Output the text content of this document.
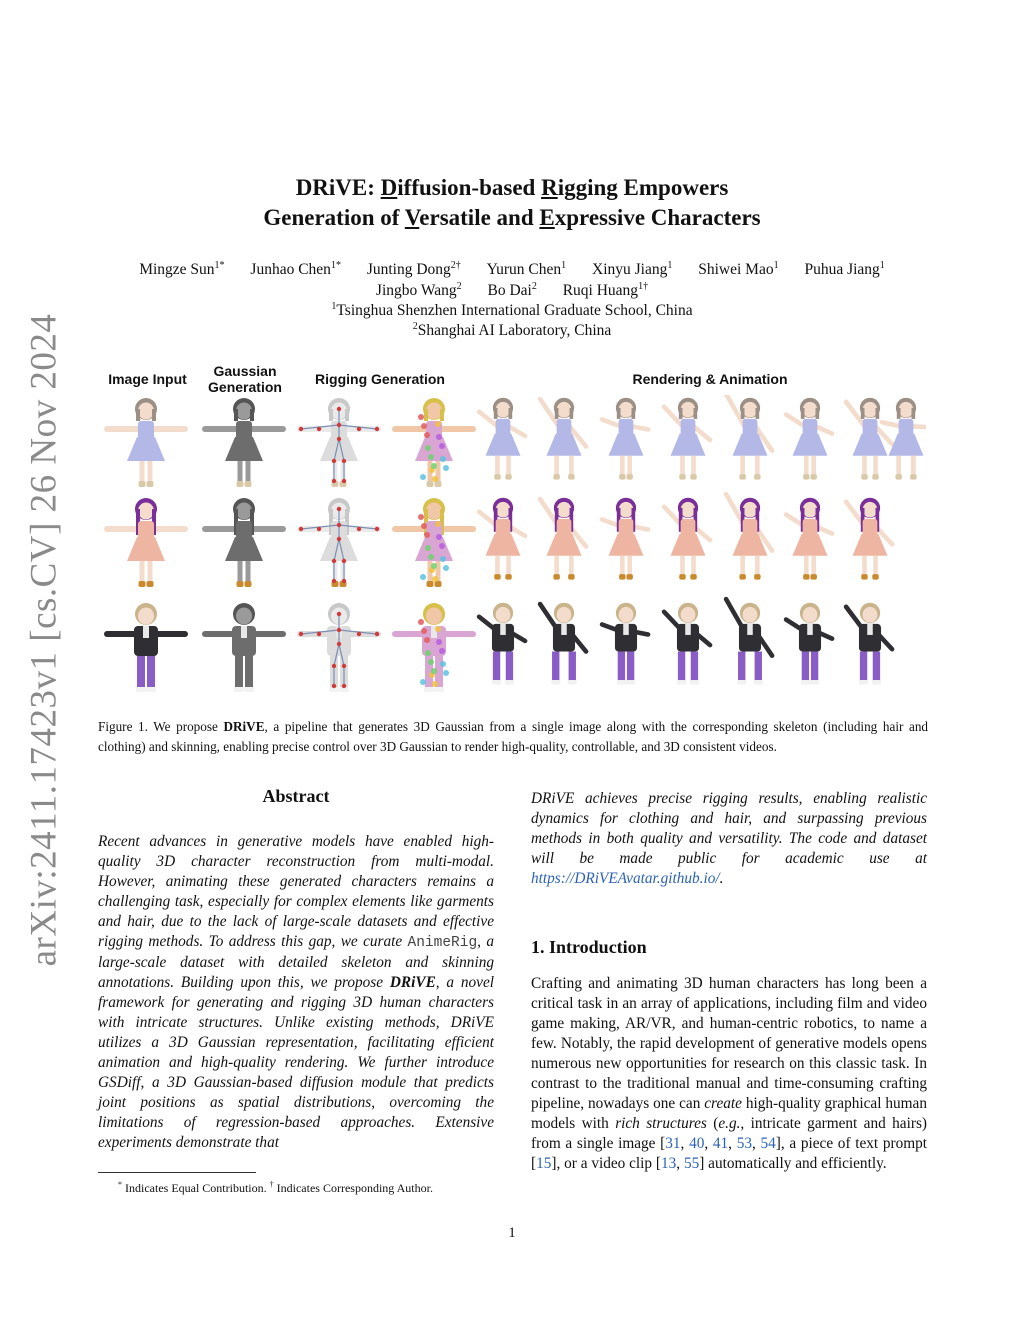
arXiv:2411.17423v1 [cs.CV] 26 Nov 2024
DRiVE: Diffusion-based Rigging Empowers
Generation of Versatile and Expressive Characters
Mingze Sun$^{1*}$ Junhao Chen$^{1*}$ Junting Dong$^{2\dagger}$ Yurun Chen$^1$ Xinyu Jiang$^1$ Shiwei Mao$^1$ Puhua Jiang$^1$
Jingbo Wang$^2$ Bo Dai$^2$ Ruqi Huang$^{1\dagger}$
$^1$Tsinghua Shenzhen International Graduate School, China
$^2$Shanghai AI Laboratory, China
Image Input	Gaussian
Generation	Rigging Generation	Rendering & Animation
Figure 1. We propose DRiVE, a pipeline that generates 3D Gaussian from a single image along with the corresponding skeleton (including hair and clothing) and skinning, enabling precise control over 3D Gaussian to render high-quality, controllable, and 3D consistent videos.
Abstract
Recent advances in generative models have enabled high-quality 3D character reconstruction from multi-modal. However, animating these generated characters remains a challenging task, especially for complex elements like garments and hair, due to the lack of large-scale datasets and effective rigging methods. To address this gap, we curate AnimeRig, a large-scale dataset with detailed skeleton and skinning annotations. Building upon this, we propose DRiVE, a novel framework for generating and rigging 3D human characters with intricate structures. Unlike existing methods, DRiVE utilizes a 3D Gaussian representation, facilitating efficient animation and high-quality rendering. We further introduce GSDiff, a 3D Gaussian-based diffusion module that predicts joint positions as spatial distributions, overcoming the limitations of regression-based approaches. Extensive experiments demonstrate that
* Indicates Equal Contribution. † Indicates Corresponding Author.
DRiVE achieves precise rigging results, enabling realistic dynamics for clothing and hair, and surpassing previous methods in both quality and versatility. The code and dataset will be made public for academic use at https://DRiVEAvatar.github.io/.
1. Introduction
Crafting and animating 3D human characters has long been a critical task in an array of applications, including film and video game making, AR/VR, and human-centric robotics, to name a few. Notably, the rapid development of generative models opens numerous new opportunities for research on this classic task. In contrast to the traditional manual and time-consuming crafting pipeline, nowadays one can create high-quality graphical human models with rich structures (e.g., intricate garment and hairs) from a single image [31, 40, 41, 53, 54], a piece of text prompt [15], or a video clip [13, 55] automatically and efficiently.
1
